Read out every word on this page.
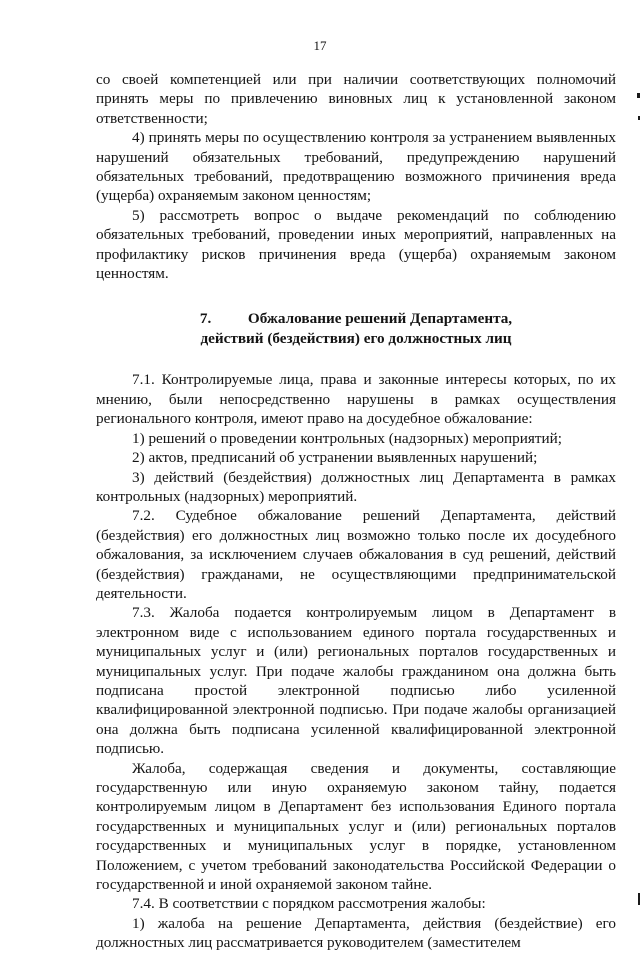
17

со своей компетенцией или при наличии соответствующих полномочий принять меры по привлечению виновных лиц к установленной законом ответственности;

4) принять меры по осуществлению контроля за устранением выявленных нарушений обязательных требований, предупреждению нарушений обязательных требований, предотвращению возможного причинения вреда (ущерба) охраняемым законом ценностям;

5) рассмотреть вопрос о выдаче рекомендаций по соблюдению обязательных требований, проведении иных мероприятий, направленных на профилактику рисков причинения вреда (ущерба) охраняемым законом ценностям.

7. Обжалование решений Департамента,
действий (бездействия) его должностных лиц

7.1. Контролируемые лица, права и законные интересы которых, по их мнению, были непосредственно нарушены в рамках осуществления регионального контроля, имеют право на досудебное обжалование:

1) решений о проведении контрольных (надзорных) мероприятий;

2) актов, предписаний об устранении выявленных нарушений;

3) действий (бездействия) должностных лиц Департамента в рамках контрольных (надзорных) мероприятий.

7.2. Судебное обжалование решений Департамента, действий (бездействия) его должностных лиц возможно только после их досудебного обжалования, за исключением случаев обжалования в суд решений, действий (бездействия) гражданами, не осуществляющими предпринимательской деятельности.

7.3. Жалоба подается контролируемым лицом в Департамент в электронном виде с использованием единого портала государственных и муниципальных услуг и (или) региональных порталов государственных и муниципальных услуг. При подаче жалобы гражданином она должна быть подписана простой электронной подписью либо усиленной квалифицированной электронной подписью. При подаче жалобы организацией она должна быть подписана усиленной квалифицированной электронной подписью.

Жалоба, содержащая сведения и документы, составляющие государственную или иную охраняемую законом тайну, подается контролируемым лицом в Департамент без использования Единого портала государственных и муниципальных услуг и (или) региональных порталов государственных и муниципальных услуг в порядке, установленном Положением, с учетом требований законодательства Российской Федерации о государственной и иной охраняемой законом тайне.

7.4. В соответствии с порядком рассмотрения жалобы:

1) жалоба на решение Департамента, действия (бездействие) его должностных лиц рассматривается руководителем (заместителем
